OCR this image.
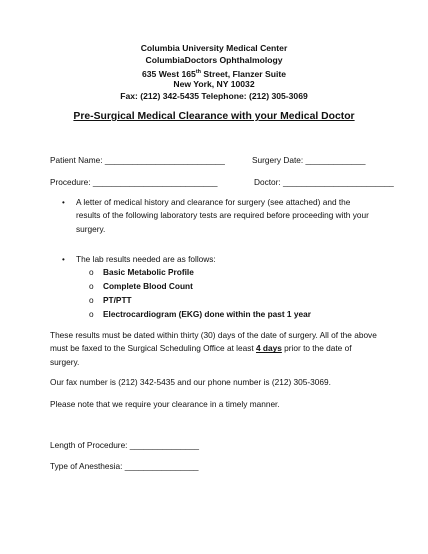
Columbia University Medical Center
ColumbiaDoctors Ophthalmology
635 West 165th Street, Flanzer Suite
New York, NY 10032
Fax: (212) 342-5435 Telephone: (212) 305-3069
Pre-Surgical Medical Clearance with your Medical Doctor
Patient Name: __________________________	Surgery Date: _____________
Procedure: ___________________________	Doctor: ________________________
• A letter of medical history and clearance for surgery (see attached) and the results of the following laboratory tests are required before proceeding with your surgery.
• The lab results needed are as follows:
o Basic Metabolic Profile
o Complete Blood Count
o PT/PTT
o Electrocardiogram (EKG) done within the past 1 year
These results must be dated within thirty (30) days of the date of surgery. All of the above must be faxed to the Surgical Scheduling Office at least 4 days prior to the date of surgery.
Our fax number is (212) 342-5435 and our phone number is (212) 305-3069.
Please note that we require your clearance in a timely manner.
Length of Procedure: _______________
Type of Anesthesia: ________________
